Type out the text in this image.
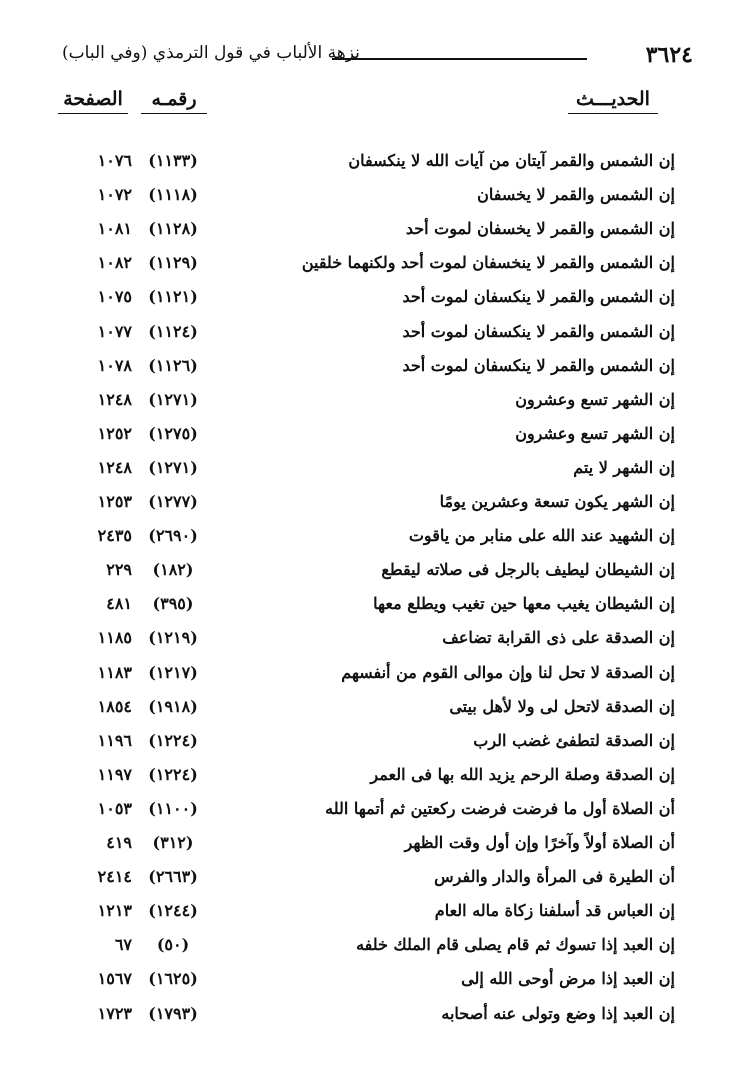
٣٦٢٤
نزهة الألباب في قول الترمذي (وفي الباب)
الحديـــث
رقمـه
الصفحة
إن الشمس والقمر آيتان من آيات الله لا ينكسفان
(١١٣٣)
١٠٧٦
إن الشمس والقمر لا يخسفان
(١١١٨)
١٠٧٢
إن الشمس والقمر لا يخسفان لموت أحد
(١١٢٨)
١٠٨١
إن الشمس والقمر لا ينخسفان لموت أحد ولكنهما خلقين
(١١٢٩)
١٠٨٢
إن الشمس والقمر لا ينكسفان لموت أحد
(١١٢١)
١٠٧٥
إن الشمس والقمر لا ينكسفان لموت أحد
(١١٢٤)
١٠٧٧
إن الشمس والقمر لا ينكسفان لموت أحد
(١١٢٦)
١٠٧٨
إن الشهر تسع وعشرون
(١٢٧١)
١٢٤٨
إن الشهر تسع وعشرون
(١٢٧٥)
١٢٥٢
إن الشهر لا يتم
(١٢٧١)
١٢٤٨
إن الشهر يكون تسعة وعشرين يومًا
(١٢٧٧)
١٢٥٣
إن الشهيد عند الله على منابر من ياقوت
(٢٦٩٠)
٢٤٣٥
إن الشيطان ليطيف بالرجل فى صلاته ليقطع
(١٨٢)
٢٢٩
إن الشيطان يغيب معها حين تغيب ويطلع معها
(٣٩٥)
٤٨١
إن الصدقة على ذى القرابة تضاعف
(١٢١٩)
١١٨٥
إن الصدقة لا تحل لنا وإن موالى القوم من أنفسهم
(١٢١٧)
١١٨٣
إن الصدقة لاتحل لى ولا لأهل بيتى
(١٩١٨)
١٨٥٤
إن الصدقة لتطفئ غضب الرب
(١٢٢٤)
١١٩٦
إن الصدقة وصلة الرحم يزيد الله بها فى العمر
(١٢٢٤)
١١٩٧
أن الصلاة أول ما فرضت فرضت ركعتين ثم أتمها الله
(١١٠٠)
١٠٥٣
أن الصلاة أولاً وآخرًا وإن أول وقت الظهر
(٣١٢)
٤١٩
أن الطيرة فى المرأة والدار والفرس
(٢٦٦٣)
٢٤١٤
إن العباس قد أسلفنا زكاة ماله العام
(١٢٤٤)
١٢١٣
إن العبد إذا تسوك ثم قام يصلى قام الملك خلفه
(٥٠)
٦٧
إن العبد إذا مرض أوحى الله إلى
(١٦٢٥)
١٥٦٧
إن العبد إذا وضع وتولى عنه أصحابه
(١٧٩٣)
١٧٢٣
